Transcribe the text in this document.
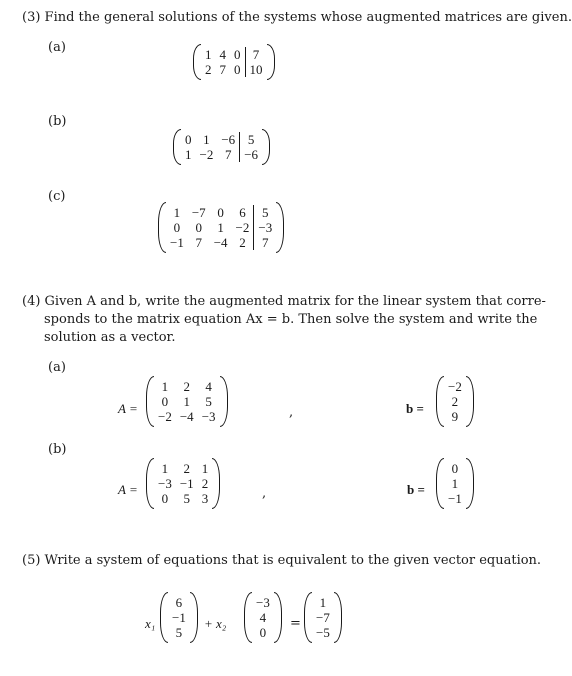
(3) Find the general solutions of the systems whose augmented matrices are given.
(a)	1	4	0	7
2	7	0	10
(b)
0	1	−6	5
1	−2	7	−6
(c)
1	−7	0	6	5
0	0	1	−2	−3
−1	7	−4	2	7
(4) Given A and b, write the augmented matrix for the linear system that corre-
sponds to the matrix equation Ax = b. Then solve the system and write the
solution as a vector.
(a)
A =
1	2	4
0	1	5
−2	−4	−3	,	b =
−2
2
9
(b)
A =
1	2	1
−3	−1	2
0	5	3	,	b =
0
1
−1
(5) Write a system of equations that is equivalent to the given vector equation.
x₁
6
−1
5
+ x₂
−3
4
0
=
1
−7
−5
